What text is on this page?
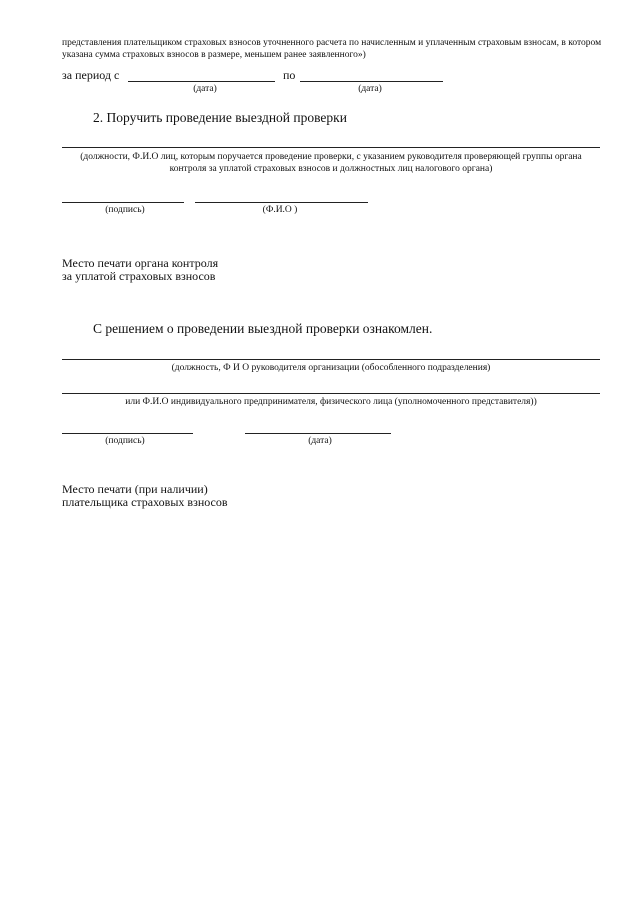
представления плательщиком страховых взносов уточненного расчета по начисленным и уплаченным страховым взносам, в котором указана сумма страховых взносов в размере, меньшем ранее заявленного»)
за период с	по
(дата)	(дата)
2. Поручить проведение выездной проверки
(должности, Ф.И.О лиц, которым поручается проведение проверки, с указанием руководителя проверяющей группы органа контроля за уплатой страховых взносов и должностных лиц налогового органа)
(подпись)	(Ф.И.О )
Место печати органа контроля
за уплатой страховых взносов
С решением о проведении выездной проверки ознакомлен.
(должность, Ф И О руководителя организации (обособленного подразделения)
или Ф.И.О индивидуального предпринимателя, физического лица (уполномоченного представителя))
(подпись)	(дата)
Место печати (при наличии)
плательщика страховых взносов
